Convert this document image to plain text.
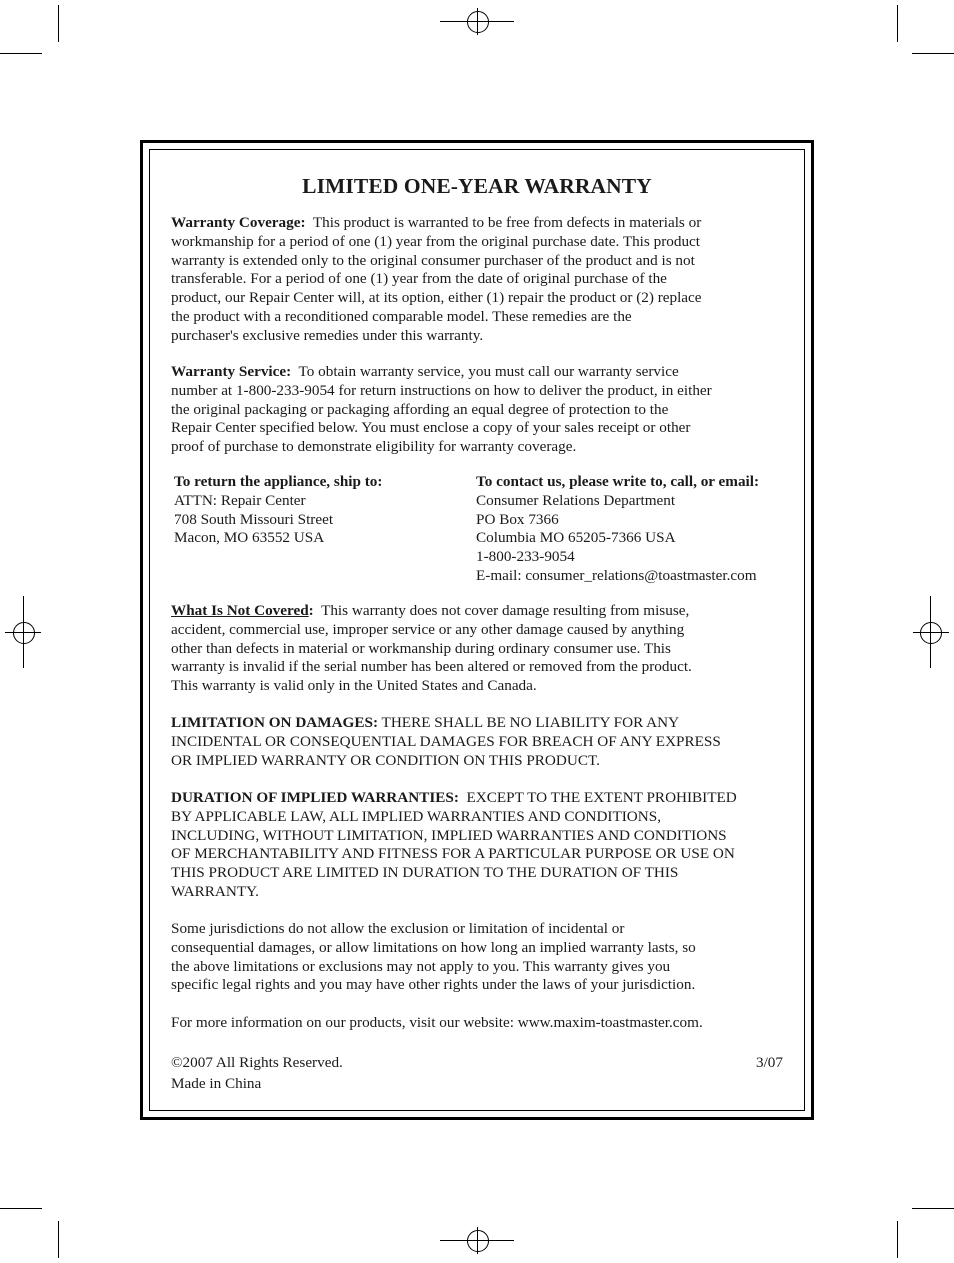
LIMITED ONE-YEAR WARRANTY
Warranty Coverage: This product is warranted to be free from defects in materials or
workmanship for a period of one (1) year from the original purchase date. This product
warranty is extended only to the original consumer purchaser of the product and is not
transferable. For a period of one (1) year from the date of original purchase of the
product, our Repair Center will, at its option, either (1) repair the product or (2) replace
the product with a reconditioned comparable model. These remedies are the
purchaser's exclusive remedies under this warranty.
Warranty Service: To obtain warranty service, you must call our warranty service
number at 1-800-233-9054 for return instructions on how to deliver the product, in either
the original packaging or packaging affording an equal degree of protection to the
Repair Center specified below. You must enclose a copy of your sales receipt or other
proof of purchase to demonstrate eligibility for warranty coverage.
To return the appliance, ship to:
ATTN: Repair Center
708 South Missouri Street
Macon, MO 63552 USA
To contact us, please write to, call, or email:
Consumer Relations Department
PO Box 7366
Columbia MO 65205-7366 USA
1-800-233-9054
E-mail: consumer_relations@toastmaster.com
What Is Not Covered: This warranty does not cover damage resulting from misuse,
accident, commercial use, improper service or any other damage caused by anything
other than defects in material or workmanship during ordinary consumer use. This
warranty is invalid if the serial number has been altered or removed from the product.
This warranty is valid only in the United States and Canada.
LIMITATION ON DAMAGES: THERE SHALL BE NO LIABILITY FOR ANY
INCIDENTAL OR CONSEQUENTIAL DAMAGES FOR BREACH OF ANY EXPRESS
OR IMPLIED WARRANTY OR CONDITION ON THIS PRODUCT.
DURATION OF IMPLIED WARRANTIES: EXCEPT TO THE EXTENT PROHIBITED
BY APPLICABLE LAW, ALL IMPLIED WARRANTIES AND CONDITIONS,
INCLUDING, WITHOUT LIMITATION, IMPLIED WARRANTIES AND CONDITIONS
OF MERCHANTABILITY AND FITNESS FOR A PARTICULAR PURPOSE OR USE ON
THIS PRODUCT ARE LIMITED IN DURATION TO THE DURATION OF THIS
WARRANTY.
Some jurisdictions do not allow the exclusion or limitation of incidental or
consequential damages, or allow limitations on how long an implied warranty lasts, so
the above limitations or exclusions may not apply to you. This warranty gives you
specific legal rights and you may have other rights under the laws of your jurisdiction.
For more information on our products, visit our website: www.maxim-toastmaster.com.
©2007 All Rights Reserved.
Made in China
3/07
